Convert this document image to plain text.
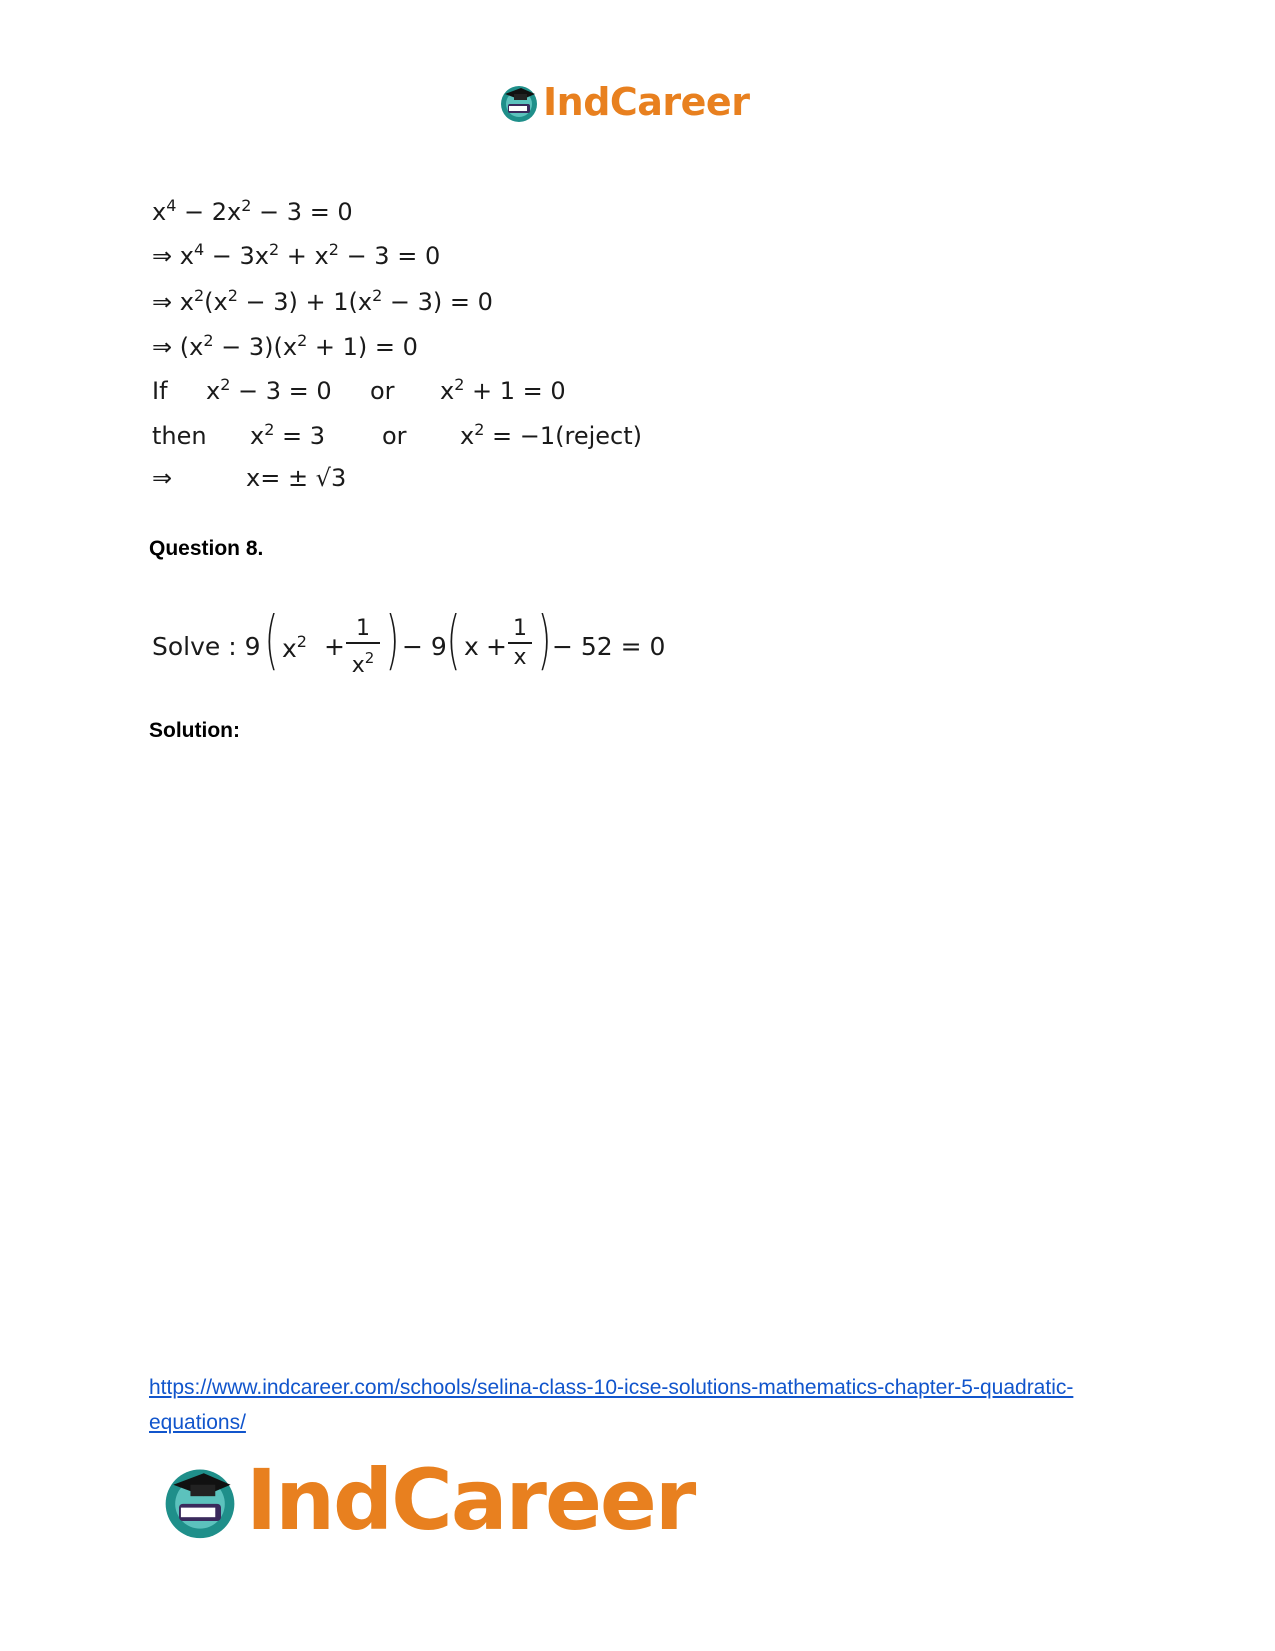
IndCareer
$x^4 - 2x^2 - 3 = 0$
⇒ $x^4 - 3x^2 + x^2 - 3 = 0$
⇒ $x^2(x^2 - 3) + 1(x^2 - 3) = 0$
⇒ $(x^2 - 3)(x^2 + 1) = 0$
If $x^2 - 3 = 0$ or $x^2 + 1 = 0$
then $x^2 = 3$ or $x^2$ = −1(reject)
⇒	x= ± √3
Question 8.
Solve : 9 ( $x^2$ +
1
$x^2$ ) − 9 ( x +
1
x ) − 52 = 0
Solution:
https://www.indcareer.com/schools/selina-class-10-icse-solutions-mathematics-chapter-5-quadratic-equations/
IndCareer
